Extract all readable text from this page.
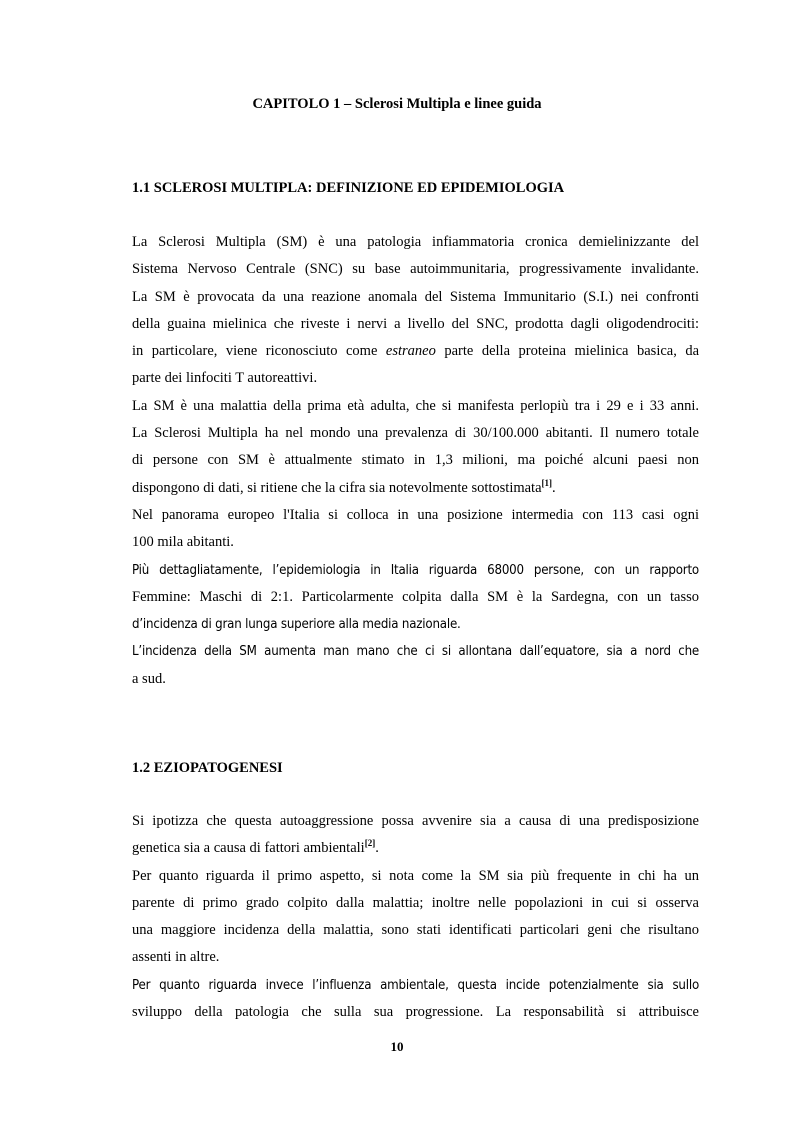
CAPITOLO 1 – Sclerosi Multipla e linee guida
1.1 SCLEROSI MULTIPLA: DEFINIZIONE ED EPIDEMIOLOGIA
La Sclerosi Multipla (SM) è una patologia infiammatoria cronica demielinizzante del
Sistema Nervoso Centrale (SNC) su base autoimmunitaria, progressivamente invalidante.
La SM è provocata da una reazione anomala del Sistema Immunitario (S.I.) nei confronti
della guaina mielinica che riveste i nervi a livello del SNC, prodotta dagli oligodendrociti:
in particolare, viene riconosciuto come estraneo parte della proteina mielinica basica, da
parte dei linfociti T autoreattivi.
La SM è una malattia della prima età adulta, che si manifesta perlopiù tra i 29 e i 33 anni.
La Sclerosi Multipla ha nel mondo una prevalenza di 30/100.000 abitanti. Il numero totale
di persone con SM è attualmente stimato in 1,3 milioni, ma poiché alcuni paesi non
dispongono di dati, si ritiene che la cifra sia notevolmente sottostimata[1].
Nel panorama europeo l'Italia si colloca in una posizione intermedia con 113 casi ogni
100 mila abitanti.
Più dettagliatamente, l’epidemiologia in Italia riguarda 68000 persone, con un rapporto
Femmine: Maschi di 2:1. Particolarmente colpita dalla SM è la Sardegna, con un tasso
d’incidenza di gran lunga superiore alla media nazionale.
L’incidenza della SM aumenta man mano che ci si allontana dall’equatore, sia a nord che
a sud.
1.2 EZIOPATOGENESI
Si ipotizza che questa autoaggressione possa avvenire sia a causa di una predisposizione
genetica sia a causa di fattori ambientali[2].
Per quanto riguarda il primo aspetto, si nota come la SM sia più frequente in chi ha un
parente di primo grado colpito dalla malattia; inoltre nelle popolazioni in cui si osserva
una maggiore incidenza della malattia, sono stati identificati particolari geni che risultano
assenti in altre.
Per quanto riguarda invece l’influenza ambientale, questa incide potenzialmente sia sullo
sviluppo della patologia che sulla sua progressione. La responsabilità si attribuisce
10
